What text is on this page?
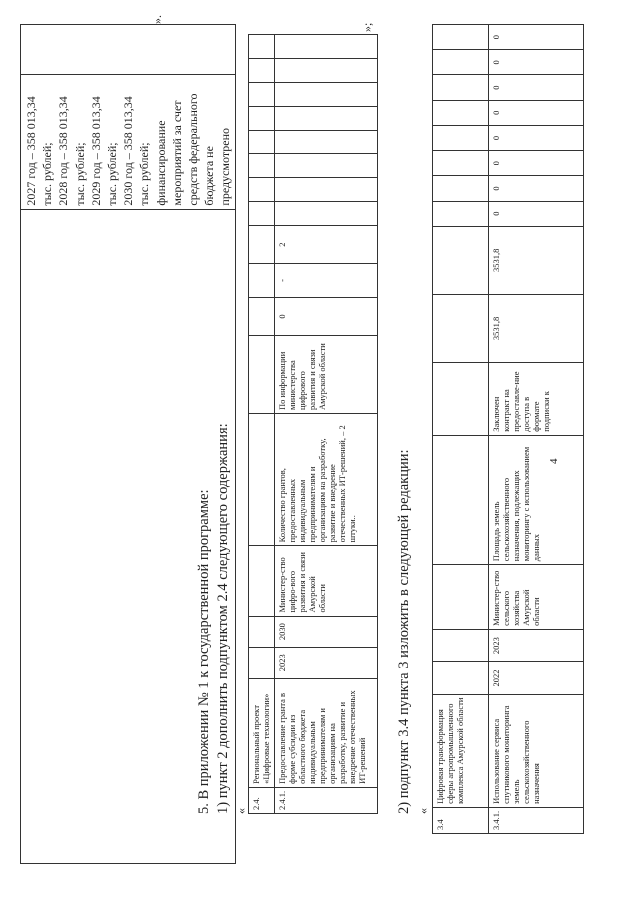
4

2027 год – 358 013,34 тыс. рублей; 2028 год – 358 013,34 тыс. рублей; 2029 год – 358 013,34 тыс. рублей; 2030 год – 358 013,34 тыс. рублей; финансирование мероприятий за счет средств федерального бюджета не предусмотрено

».
5. В приложении № 1 к государственной программе: 1) пункт 2 дополнить подпунктом 2.4 следующего содержания: «
2.4.	Региональный проект «Цифровые технологии»																
2.4.1.	Предоставление гранта в форме субсидии из областного бюджета индивидуальным предпринимателям и организациям на разработку, развитие и внедрение отечественных ИТ-решений	2023	2030	Министер-ство цифро-вого развития и связи Амурской области	Количество грантов, предоставленных индивидуальным предпринимателям и организациям на разработку, развитие и внедрение отечественных ИТ-решений, – 2 штуки..	По информации министерства цифрового развития и связи Амурской области	0	-	2								
»;
2) подпункт 3.4 пункта 3 изложить в следующей редакции: «
3.4	Цифровая трансформация сферы агропромышленного комплекса Амурской области															
3.4.1.	Использование сервиса спутникового мониторинга земель сельскохозяйственного назначения	2022	2023	Министер-ство сельского хозяйства Амурской области	Площадь земель сельскохозяйственного назначения, подлежащих мониторингу с использованием данных	Заключен контракт на предоставле-ние доступа в формате подписки к	3531,8	3531,8	0	0	0	0	0	0	0	0
